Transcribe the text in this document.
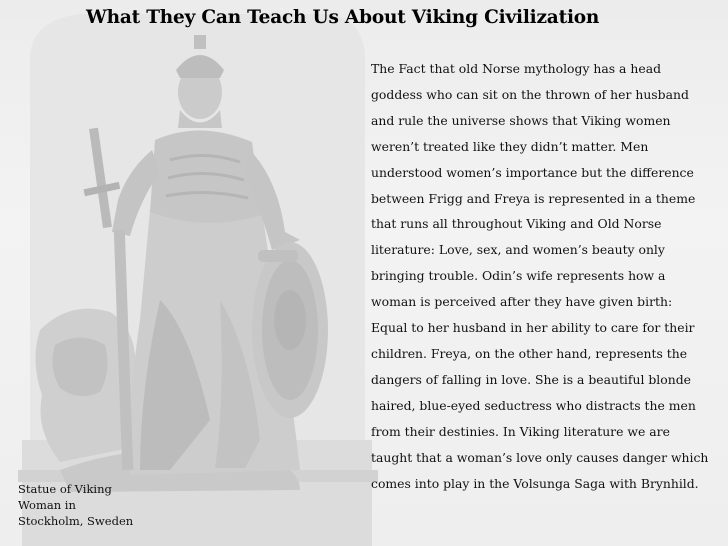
What They Can Teach Us About Viking Civilization
The Fact that old Norse mythology has a head
goddess who can sit on the thrown of her husband
and rule the universe shows that Viking women
weren’t treated like they didn’t matter. Men
understood women’s importance but the difference
between Frigg and Freya is represented in a theme
that runs all throughout Viking and Old Norse
literature: Love, sex, and women’s beauty only
bringing trouble. Odin’s wife represents how a
woman is perceived after they have given birth:
Equal to her husband in her ability to care for their
children. Freya, on the other hand, represents the
dangers of falling in love. She is a beautiful blonde
haired, blue-eyed seductress who distracts the men
from their destinies. In Viking literature we are
taught that a woman’s love only causes danger which
comes into play in the Volsunga Saga with Brynhild.
Statue of Viking
Woman in
Stockholm, Sweden
